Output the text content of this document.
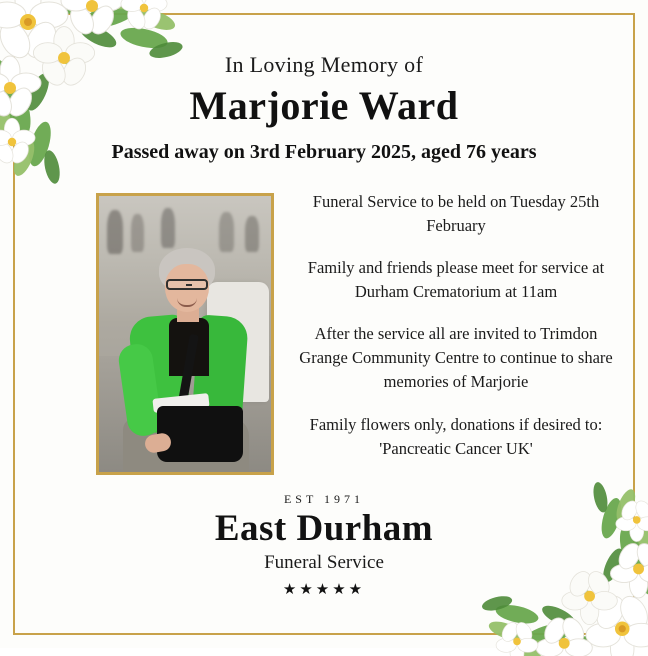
In Loving Memory of
Marjorie Ward
Passed away on 3rd February 2025, aged 76 years

Funeral Service to be held on Tuesday 25th February

Family and friends please meet for service at Durham Crematorium at 11am

After the service all are invited to Trimdon Grange Community Centre to continue to share memories of Marjorie

Family flowers only, donations if desired to: 'Pancreatic Cancer UK'

EST 1971
East Durham
Funeral Service
★★★★★
